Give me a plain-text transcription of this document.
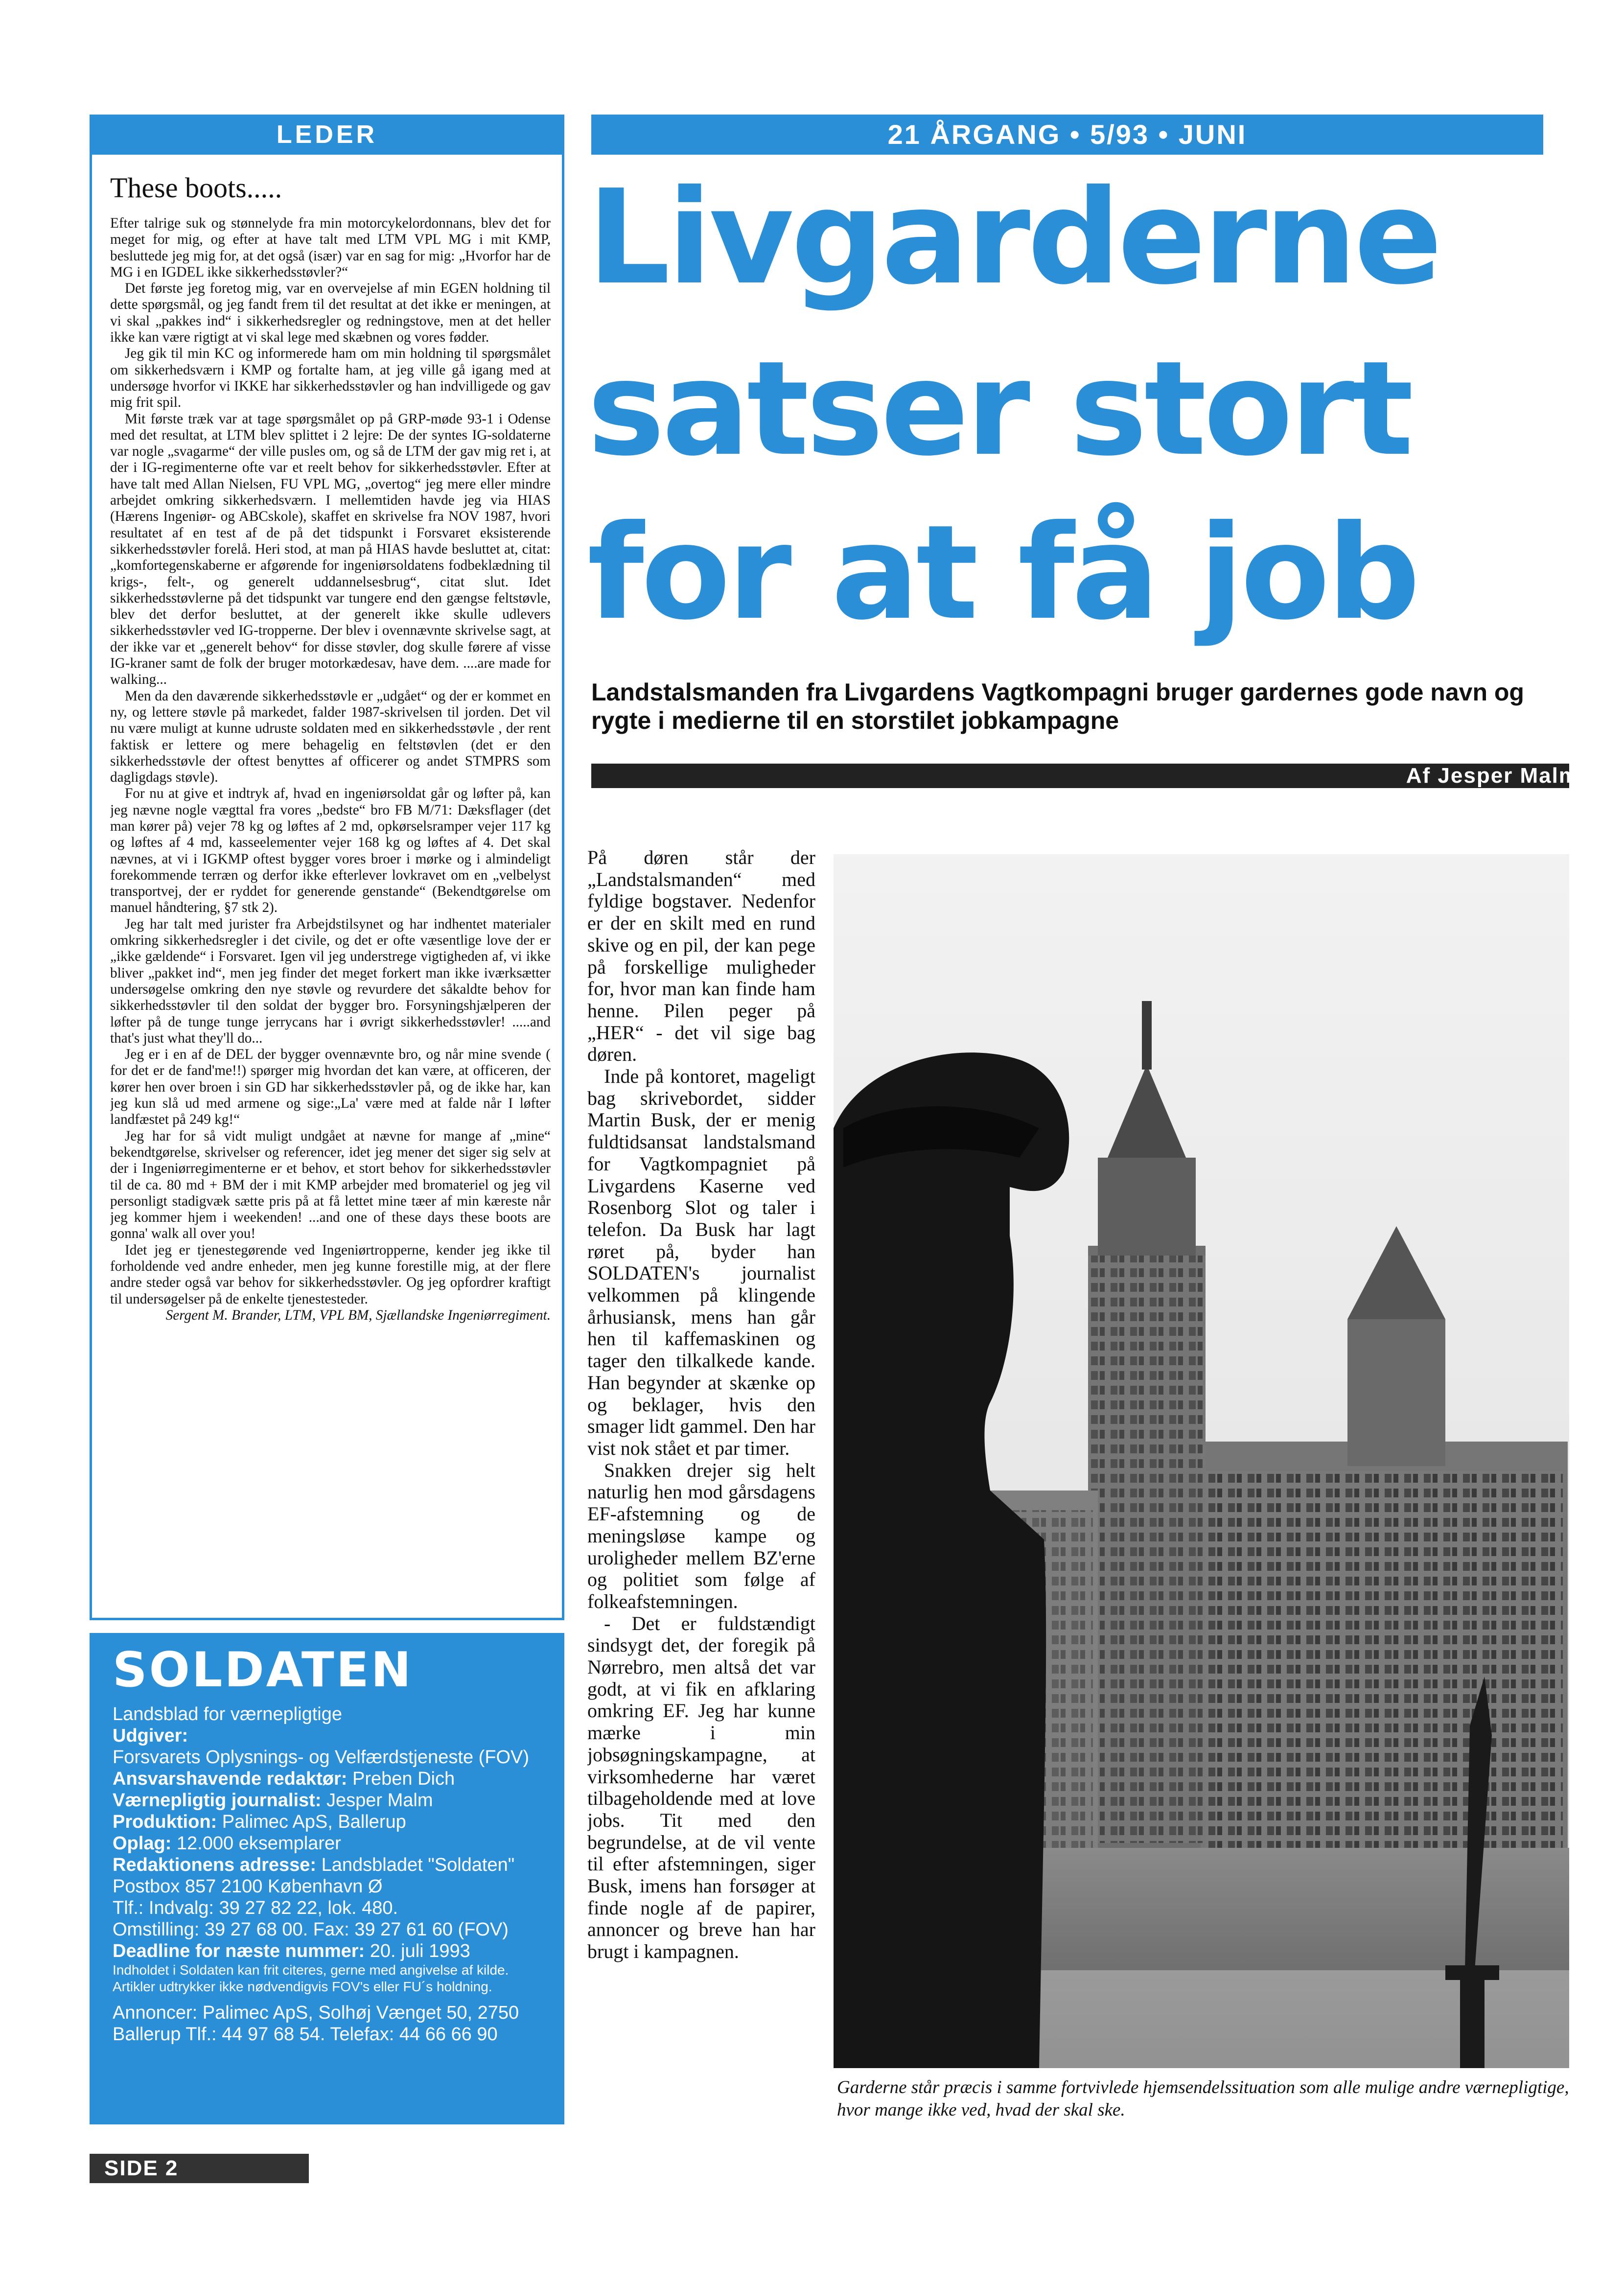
LEDER
These boots.....

Efter talrige suk og stønnelyde fra min motorcykelordonnans, blev det for meget for mig, og efter at have talt med LTM VPL MG i mit KMP, besluttede jeg mig for, at det også (især) var en sag for mig: „Hvorfor har de MG i en IGDEL ikke sikkerhedsstøvler?“

Det første jeg foretog mig, var en overvejelse af min EGEN holdning til dette spørgsmål, og jeg fandt frem til det resultat at det ikke er meningen, at vi skal „pakkes ind“ i sikkerhedsregler og redningstove, men at det heller ikke kan være rigtigt at vi skal lege med skæbnen og vores fødder.

Jeg gik til min KC og informerede ham om min holdning til spørgsmålet om sikkerhedsværn i KMP og fortalte ham, at jeg ville gå igang med at undersøge hvorfor vi IKKE har sikkerhedsstøvler og han indvilligede og gav mig frit spil.

Mit første træk var at tage spørgsmålet op på GRP-møde 93-1 i Odense med det resultat, at LTM blev splittet i 2 lejre: De der syntes IG-soldaterne var nogle „svagarme“ der ville pusles om, og så de LTM der gav mig ret i, at der i IG-regimenterne ofte var et reelt behov for sikkerhedsstøvler. Efter at have talt med Allan Nielsen, FU VPL MG, „overtog“ jeg mere eller mindre arbejdet omkring sikkerhedsværn. I mellemtiden havde jeg via HIAS (Hærens Ingeniør- og ABCskole), skaffet en skrivelse fra NOV 1987, hvori resultatet af en test af de på det tidspunkt i Forsvaret eksisterende sikkerhedsstøvler forelå. Heri stod, at man på HIAS havde besluttet at, citat: „komfortegenskaberne er afgørende for ingeniørsoldatens fodbeklædning til krigs-, felt-, og generelt uddannelsesbrug“, citat slut. Idet sikkerhedsstøvlerne på det tidspunkt var tungere end den gængse feltstøvle, blev det derfor besluttet, at der generelt ikke skulle udlevers sikkerhedsstøvler ved IG-tropperne. Der blev i ovennævnte skrivelse sagt, at der ikke var et „generelt behov“ for disse støvler, dog skulle førere af visse IG-kraner samt de folk der bruger motorkædesav, have dem. ....are made for walking...

Men da den daværende sikkerhedsstøvle er „udgået“ og der er kommet en ny, og lettere støvle på markedet, falder 1987-skrivelsen til jorden. Det vil nu være muligt at kunne udruste soldaten med en sikkerhedsstøvle , der rent faktisk er lettere og mere behagelig en feltstøvlen (det er den sikkerhedsstøvle der oftest benyttes af officerer og andet STMPRS som dagligdags støvle).

For nu at give et indtryk af, hvad en ingeniørsoldat går og løfter på, kan jeg nævne nogle vægttal fra vores „bedste“ bro FB M/71: Dæksflager (det man kører på) vejer 78 kg og løftes af 2 md, opkørselsramper vejer 117 kg og løftes af 4 md, kasseelementer vejer 168 kg og løftes af 4. Det skal nævnes, at vi i IGKMP oftest bygger vores broer i mørke og i almindeligt forekommende terræn og derfor ikke efterlever lovkravet om en „velbelyst transportvej, der er ryddet for generende genstande“ (Bekendtgørelse om manuel håndtering, §7 stk 2).

Jeg har talt med jurister fra Arbejdstilsynet og har indhentet materialer omkring sikkerhedsregler i det civile, og det er ofte væsentlige love der er „ikke gældende“ i Forsvaret. Igen vil jeg understrege vigtigheden af, vi ikke bliver „pakket ind“, men jeg finder det meget forkert man ikke iværksætter undersøgelse omkring den nye støvle og revurdere det såkaldte behov for sikkerhedsstøvler til den soldat der bygger bro. Forsyningshjælperen der løfter på de tunge tunge jerrycans har i øvrigt sikkerhedsstøvler! .....and that's just what they'll do...

Jeg er i en af de DEL der bygger ovennævnte bro, og når mine svende ( for det er de fand'me!!) spørger mig hvordan det kan være, at officeren, der kører hen over broen i sin GD har sikkerhedsstøvler på, og de ikke har, kan jeg kun slå ud med armene og sige:„La' være med at falde når I løfter landfæstet på 249 kg!“

Jeg har for så vidt muligt undgået at nævne for mange af „mine“ bekendtgørelse, skrivelser og referencer, idet jeg mener det siger sig selv at der i Ingeniørregimenterne er et behov, et stort behov for sikkerhedsstøvler til de ca. 80 md + BM der i mit KMP arbejder med bromateriel og jeg vil personligt stadigvæk sætte pris på at få lettet mine tæer af min kæreste når jeg kommer hjem i weekenden! ...and one of these days these boots are gonna' walk all over you!

Idet jeg er tjenestegørende ved Ingeniørtropperne, kender jeg ikke til forholdende ved andre enheder, men jeg kunne forestille mig, at der flere andre steder også var behov for sikkerhedsstøvler. Og jeg opfordrer kraftigt til undersøgelser på de enkelte tjenestesteder.

Sergent M. Brander, LTM, VPL BM, Sjællandske Ingeniørregiment.

21 ÅRGANG • 5/93 • JUNI
Livgarderne
satser stort
for at få job
Landstalsmanden fra Livgardens Vagtkompagni bruger gardernes gode navn og rygte i medierne til en storstilet jobkampagne
Af Jesper Malm

På døren står der „Landstalsmanden“ med fyldige bogstaver. Nedenfor er der en skilt med en rund skive og en pil, der kan pege på forskellige muligheder for, hvor man kan finde ham henne. Pilen peger på „HER“ - det vil sige bag døren.

Inde på kontoret, mageligt bag skrivebordet, sidder Martin Busk, der er menig fuldtidsansat landstalsmand for Vagtkompagniet på Livgardens Kaserne ved Rosenborg Slot og taler i telefon. Da Busk har lagt røret på, byder han SOLDATEN's journalist velkommen på klingende århusiansk, mens han går hen til kaffemaskinen og tager den tilkalkede kande. Han begynder at skænke op og beklager, hvis den smager lidt gammel. Den har vist nok stået et par timer.

Snakken drejer sig helt naturlig hen mod gårsdagens EF-afstemning og de meningsløse kampe og uroligheder mellem BZ'erne og politiet som følge af folkeafstemningen.

- Det er fuldstændigt sindsygt det, der foregik på Nørrebro, men altså det var godt, at vi fik en afklaring omkring EF. Jeg har kunne mærke i min jobsøgningskampagne, at virksomhederne har været tilbageholdende med at love jobs. Tit med den begrundelse, at de vil vente til efter afstemningen, siger Busk, imens han forsøger at finde nogle af de papirer, annoncer og breve han har brugt i kampagnen.

Garderne står præcis i samme fortvivlede hjemsendelssituation som alle mulige andre værnepligtige, hvor mange ikke ved, hvad der skal ske.
SOLDATEN
Landsblad for værnepligtige
Udgiver:
Forsvarets Oplysnings- og Velfærdstjeneste (FOV)
Ansvarshavende redaktør: Preben Dich
Værnepligtig journalist: Jesper Malm
Produktion: Palimec ApS, Ballerup
Oplag: 12.000 eksemplarer
Redaktionens adresse: Landsbladet "Soldaten"
Postbox 857 2100 København Ø
Tlf.: Indvalg: 39 27 82 22, lok. 480.
Omstilling: 39 27 68 00. Fax: 39 27 61 60 (FOV)
Deadline for næste nummer: 20. juli 1993
Indholdet i Soldaten kan frit citeres, gerne med angivelse af kilde.
Artikler udtrykker ikke nødvendigvis FOV's eller FU´s holdning.
Annoncer: Palimec ApS, Solhøj Vænget 50, 2750
Ballerup Tlf.: 44 97 68 54. Telefax: 44 66 66 90
SIDE 2
